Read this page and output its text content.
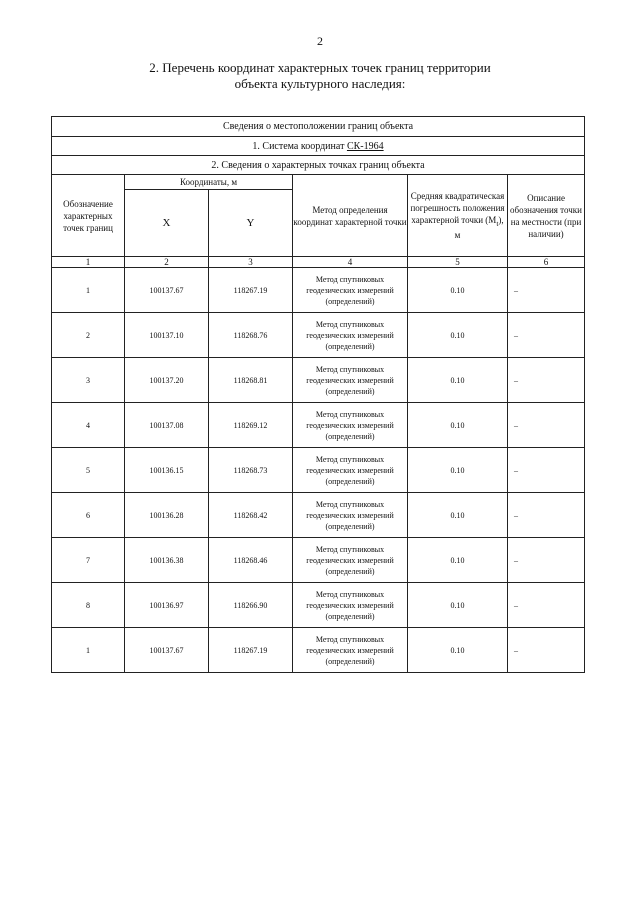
2
2. Перечень координат характерных точек границ территории
объекта культурного наследия:
Сведения о местоположении границ объекта					
1. Система координат СК-1964					
2. Сведения о характерных точках границ объекта					
Обозначение характерных точек границ	Координаты, м		Метод определения координат характерной точки	Средняя квадратическая погрешность положения характерной точки $(M_t)$, м	Описание обозначения точки на местности (при наличии)
	X	Y			
1	2	3	4	5	6

1	100137.67	118267.19	Метод спутниковых геодезических измерений (определений)	0.10	–

2	100137.10	118268.76	Метод спутниковых геодезических измерений (определений)	0.10	–

3	100137.20	118268.81	Метод спутниковых геодезических измерений (определений)	0.10	–

4	100137.08	118269.12	Метод спутниковых геодезических измерений (определений)	0.10	–

5	100136.15	118268.73	Метод спутниковых геодезических измерений (определений)	0.10	–

6	100136.28	118268.42	Метод спутниковых геодезических измерений (определений)	0.10	–

7	100136.38	118268.46	Метод спутниковых геодезических измерений (определений)	0.10	–

8	100136.97	118266.90	Метод спутниковых геодезических измерений (определений)	0.10	–

1	100137.67	118267.19	Метод спутниковых геодезических измерений (определений)	0.10	–
